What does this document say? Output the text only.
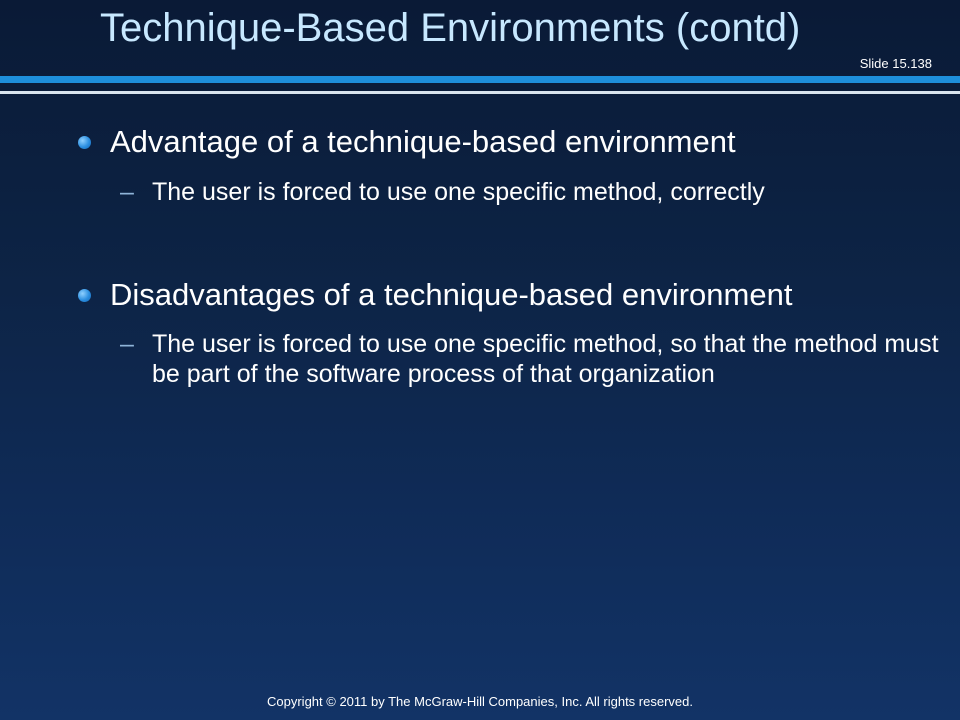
Technique-Based Environments (contd)
Slide 15.138
Advantage of a technique-based environment
– The user is forced to use one specific method, correctly
Disadvantages of a technique-based environment
– The user is forced to use one specific method, so that the method must be part of the software process of that organization
Copyright © 2011 by The McGraw-Hill Companies, Inc. All rights reserved.
